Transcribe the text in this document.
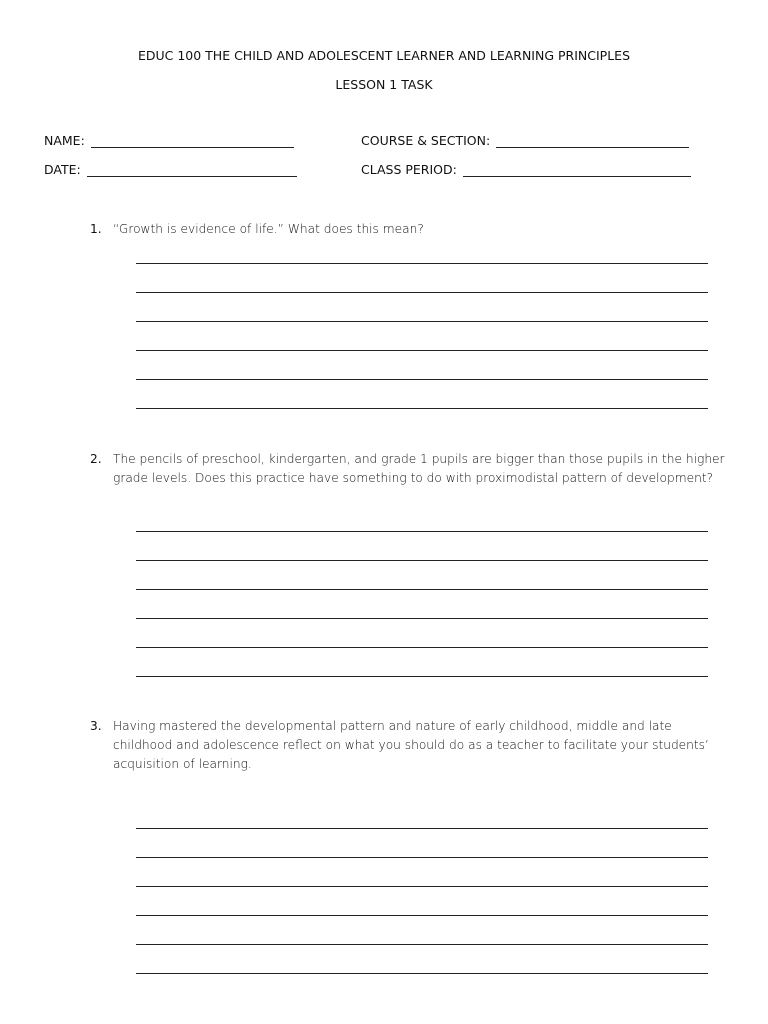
EDUC 100 THE CHILD AND ADOLESCENT LEARNER AND LEARNING PRINCIPLES
LESSON 1 TASK
NAME:	COURSE & SECTION:
DATE:	CLASS PERIOD:
1. “Growth is evidence of life.” What does this mean?
2. The pencils of preschool, kindergarten, and grade 1 pupils are bigger than those pupils in the higher grade levels. Does this practice have something to do with proximodistal pattern of development?
3. Having mastered the developmental pattern and nature of early childhood, middle and late childhood and adolescence reflect on what you should do as a teacher to facilitate your students’ acquisition of learning.
